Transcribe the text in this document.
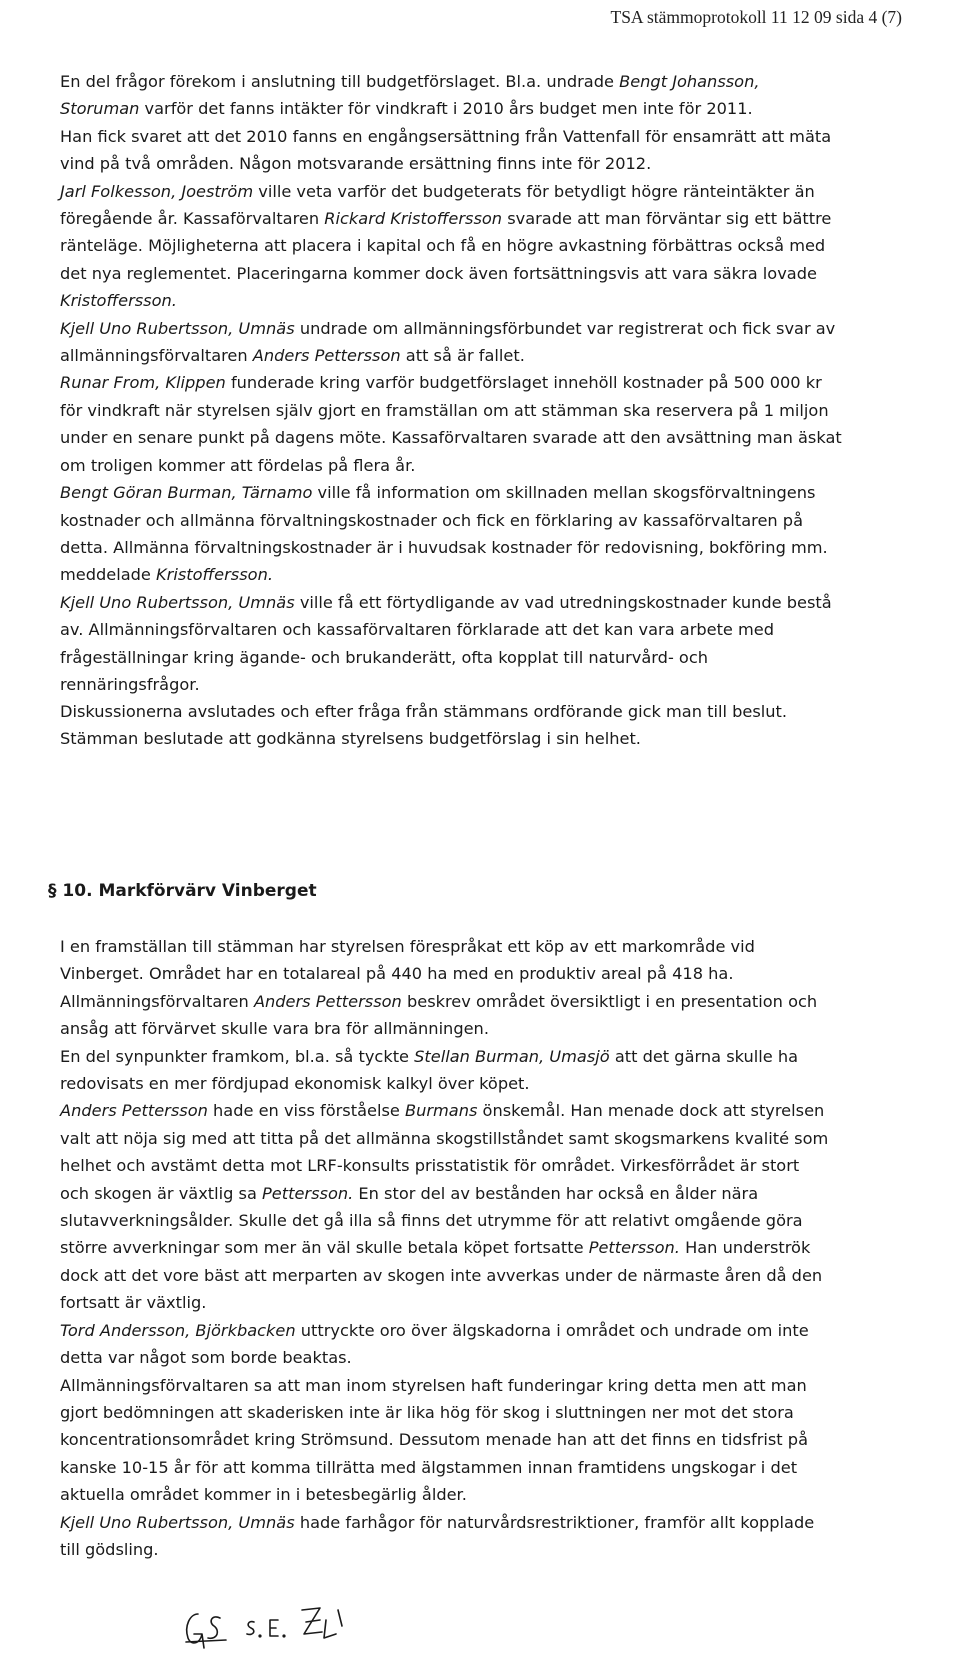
TSA stämmoprotokoll 11 12 09 sida 4 (7)

En del frågor förekom i anslutning till budgetförslaget. Bl.a. undrade Bengt Johansson,

Storuman varför det fanns intäkter för vindkraft i 2010 års budget men inte för 2011.

Han fick svaret att det 2010 fanns en engångsersättning från Vattenfall för ensamrätt att mäta

vind på två områden. Någon motsvarande ersättning finns inte för 2012.

Jarl Folkesson, Joeström ville veta varför det budgeterats för betydligt högre ränteintäkter än

föregående år. Kassaförvaltaren Rickard Kristoffersson svarade att man förväntar sig ett bättre

ränteläge. Möjligheterna att placera i kapital och få en högre avkastning förbättras också med

det nya reglementet. Placeringarna kommer dock även fortsättningsvis att vara säkra lovade

Kristoffersson.

Kjell Uno Rubertsson, Umnäs undrade om allmänningsförbundet var registrerat och fick svar av

allmänningsförvaltaren Anders Pettersson att så är fallet.

Runar From, Klippen funderade kring varför budgetförslaget innehöll kostnader på 500 000 kr

för vindkraft när styrelsen själv gjort en framställan om att stämman ska reservera på 1 miljon

under en senare punkt på dagens möte. Kassaförvaltaren svarade att den avsättning man äskat

om troligen kommer att fördelas på flera år.

Bengt Göran Burman, Tärnamo ville få information om skillnaden mellan skogsförvaltningens

kostnader och allmänna förvaltningskostnader och fick en förklaring av kassaförvaltaren på

detta. Allmänna förvaltningskostnader är i huvudsak kostnader för redovisning, bokföring mm.

meddelade Kristoffersson.

Kjell Uno Rubertsson, Umnäs ville få ett förtydligande av vad utredningskostnader kunde bestå

av. Allmänningsförvaltaren och kassaförvaltaren förklarade att det kan vara arbete med

frågeställningar kring ägande- och brukanderätt, ofta kopplat till naturvård- och

rennäringsfrågor.

Diskussionerna avslutades och efter fråga från stämmans ordförande gick man till beslut.

Stämman beslutade att godkänna styrelsens budgetförslag i sin helhet.

§ 10. Markförvärv Vinberget

I en framställan till stämman har styrelsen förespråkat ett köp av ett markområde vid

Vinberget. Området har en totalareal på 440 ha med en produktiv areal på 418 ha.

Allmänningsförvaltaren Anders Pettersson beskrev området översiktligt i en presentation och

ansåg att förvärvet skulle vara bra för allmänningen.

En del synpunkter framkom, bl.a. så tyckte Stellan Burman, Umasjö att det gärna skulle ha

redovisats en mer fördjupad ekonomisk kalkyl över köpet.

Anders Pettersson hade en viss förståelse Burmans önskemål. Han menade dock att styrelsen

valt att nöja sig med att titta på det allmänna skogstillståndet samt skogsmarkens kvalité som

helhet och avstämt detta mot LRF-konsults prisstatistik för området. Virkesförrådet är stort

och skogen är växtlig sa Pettersson. En stor del av bestånden har också en ålder nära

slutavverkningsålder. Skulle det gå illa så finns det utrymme för att relativt omgående göra

större avverkningar som mer än väl skulle betala köpet fortsatte Pettersson. Han underströk

dock att det vore bäst att merparten av skogen inte avverkas under de närmaste åren då den

fortsatt är växtlig.

Tord Andersson, Björkbacken uttryckte oro över älgskadorna i området och undrade om inte

detta var något som borde beaktas.

Allmänningsförvaltaren sa att man inom styrelsen haft funderingar kring detta men att man

gjort bedömningen att skaderisken inte är lika hög för skog i sluttningen ner mot det stora

koncentrationsområdet kring Strömsund. Dessutom menade han att det finns en tidsfrist på

kanske 10-15 år för att komma tillrätta med älgstammen innan framtidens ungskogar i det

aktuella området kommer in i betesbegärlig ålder.

Kjell Uno Rubertsson, Umnäs hade farhågor för naturvårdsrestriktioner, framför allt kopplade

till gödsling.
